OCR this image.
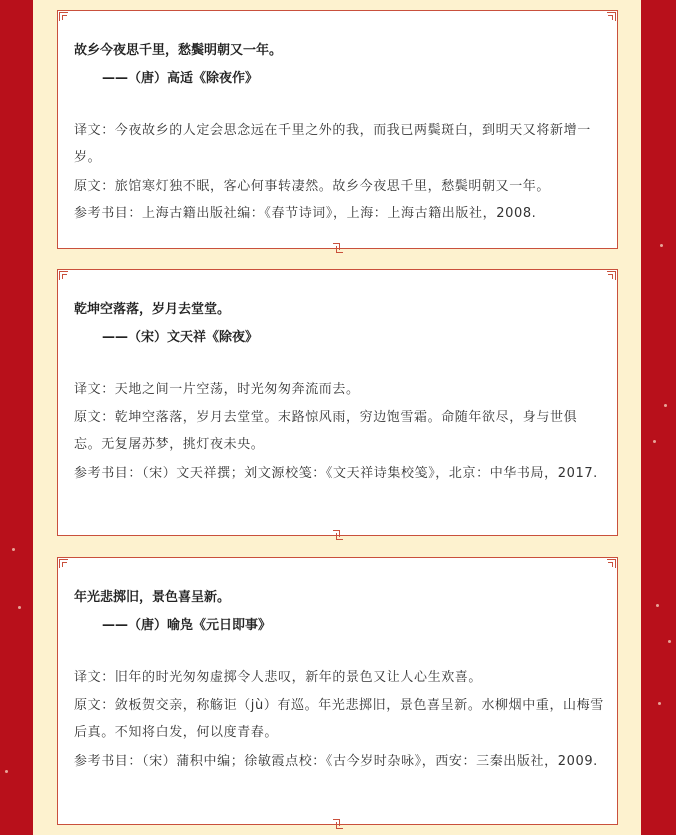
故乡今夜思千里，愁鬓明朝又一年。
——（唐）高适《除夜作》
译文：今夜故乡的人定会思念远在千里之外的我，而我已两鬓斑白，到明天又将新增一岁。
原文：旅馆寒灯独不眠，客心何事转凄然。故乡今夜思千里，愁鬓明朝又一年。
参考书目：上海古籍出版社编：《春节诗词》，上海：上海古籍出版社，2008.
乾坤空落落，岁月去堂堂。
——（宋）文天祥《除夜》
译文：天地之间一片空荡，时光匆匆奔流而去。
原文：乾坤空落落，岁月去堂堂。末路惊风雨，穷边饱雪霜。命随年欲尽，身与世俱忘。无复屠苏梦，挑灯夜未央。
参考书目：（宋）文天祥撰；刘文源校笺：《文天祥诗集校笺》，北京：中华书局，2017.
年光悲掷旧，景色喜呈新。
——（唐）喻凫《元日即事》
译文：旧年的时光匆匆虚掷令人悲叹，新年的景色又让人心生欢喜。
原文：敛板贺交亲，称觞讵（jù）有巡。年光悲掷旧，景色喜呈新。水柳烟中重，山梅雪后真。不知将白发，何以度青春。
参考书目：（宋）蒲积中编；徐敏霞点校：《古今岁时杂咏》，西安：三秦出版社，2009.
